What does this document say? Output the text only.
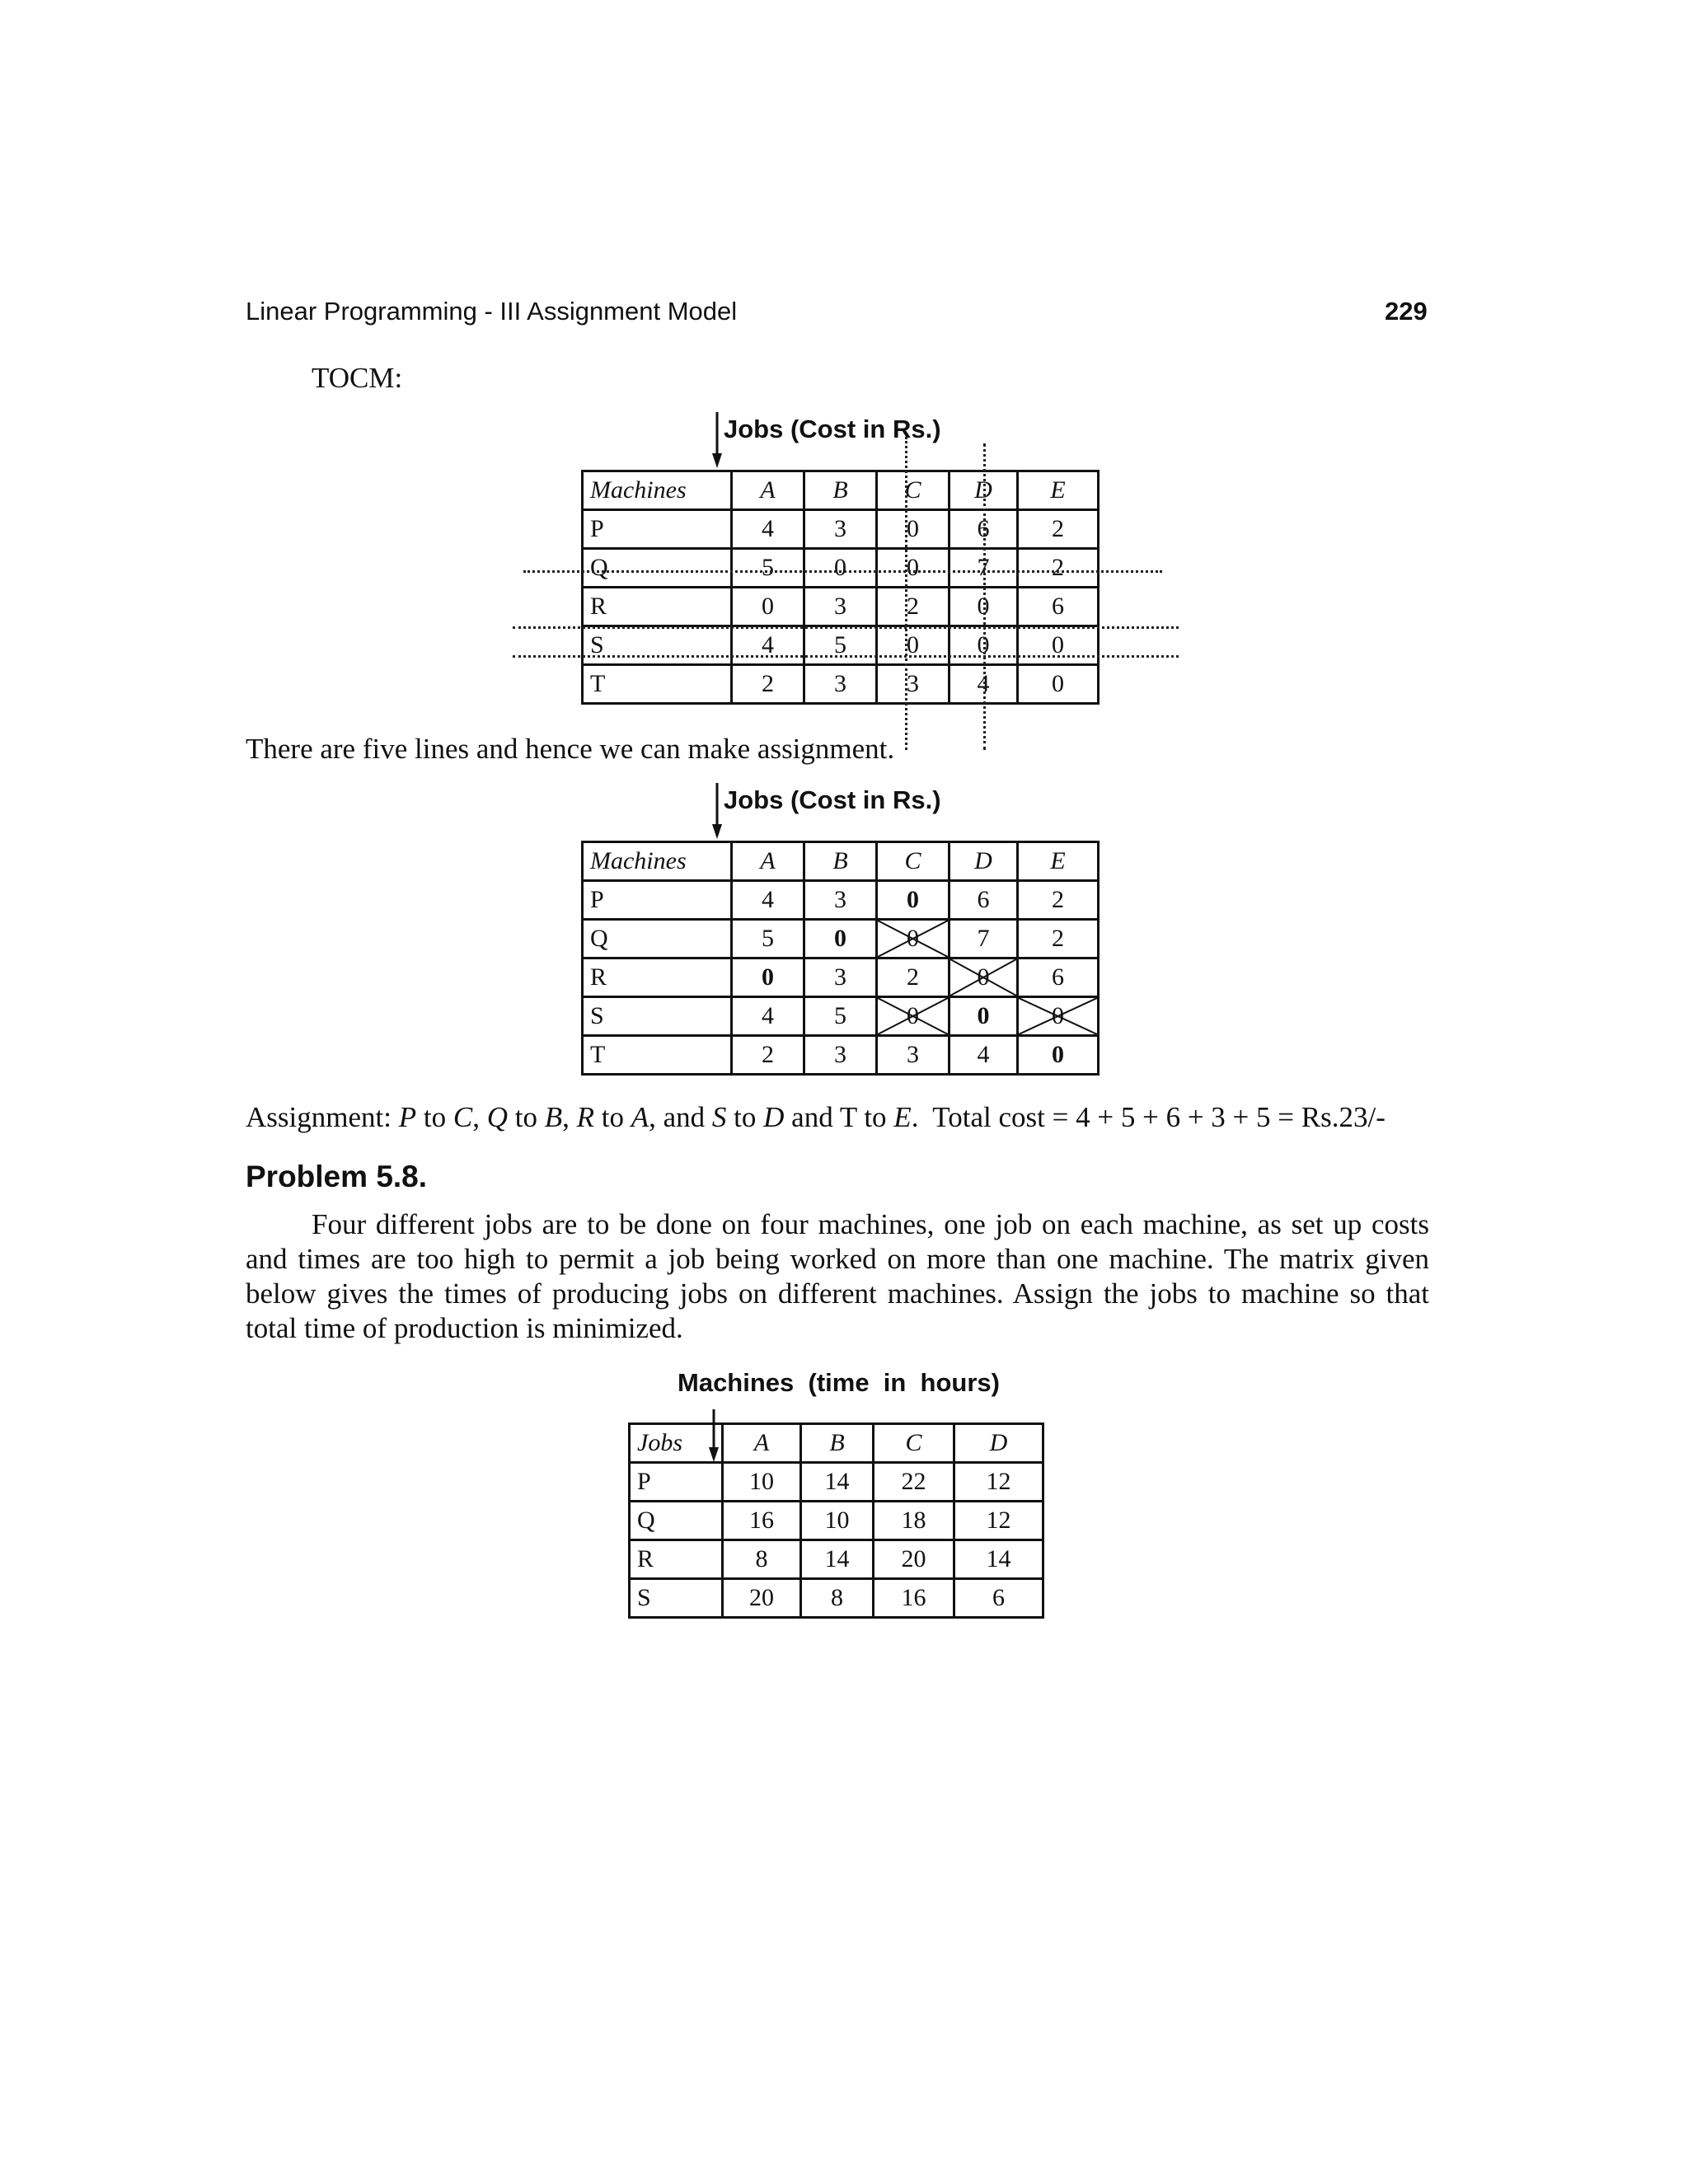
Linear Programming - III Assignment Model	229
TOCM:
Jobs (Cost in Rs.)
Machines	A	B	C	D	E
P	4	3	0	6	2
Q	5	0	0	7	2
R	0	3	2	0	6
S	4	5	0	0	0
T	2	3	3	4	0
There are five lines and hence we can make assignment.
Jobs (Cost in Rs.)
Machines	A	B	C	D	E
P	4	3	0	6	2
Q	5	0	0	7	2
R	0	3	2	0	6
S	4	5	0	0	0
T	2	3	3	4	0
Assignment: P to C, Q to B, R to A, and S to D and T to E.  Total cost = 4 + 5 + 6 + 3 + 5 = Rs.23/-
Problem 5.8.
Four different jobs are to be done on four machines, one job on each machine, as set up costs and times are too high to permit a job being worked on more than one machine. The matrix given below gives the times of producing jobs on different machines. Assign the jobs to machine so that total time of production is minimized.
Machines  (time  in  hours)
Jobs	A	B	C	D
P	10	14	22	12
Q	16	10	18	12
R	8	14	20	14
S	20	8	16	6
